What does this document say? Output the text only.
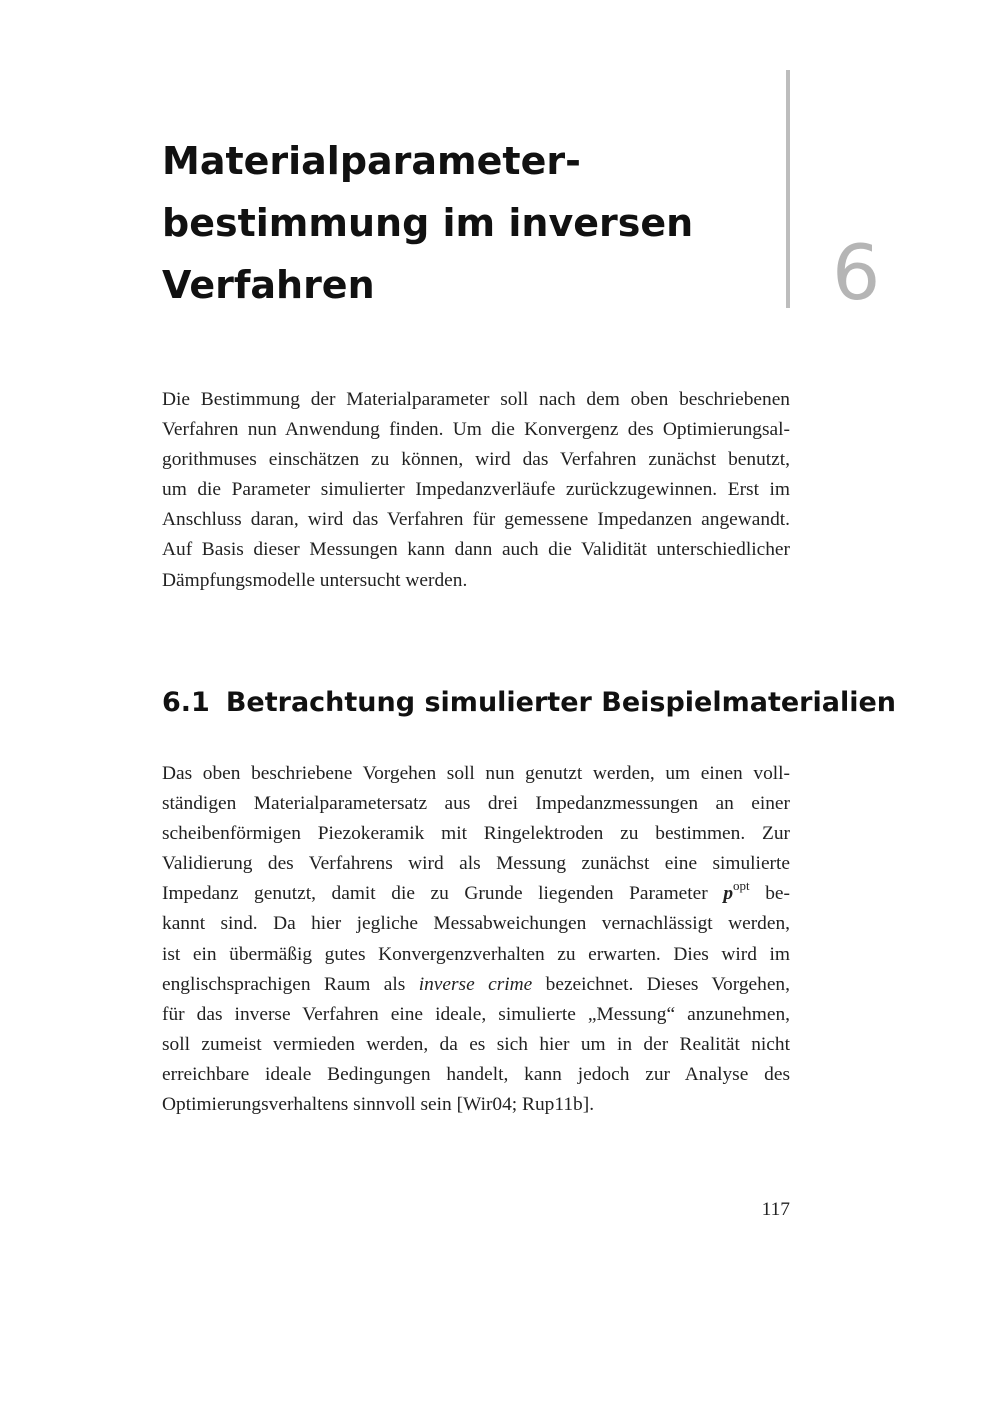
Materialparameter-
bestimmung im inversen
Verfahren	6
Die Bestimmung der Materialparameter soll nach dem oben beschriebenen
Verfahren nun Anwendung finden. Um die Konvergenz des Optimierungsal-
gorithmuses einschätzen zu können, wird das Verfahren zunächst benutzt,
um die Parameter simulierter Impedanzverläufe zurückzugewinnen. Erst im
Anschluss daran, wird das Verfahren für gemessene Impedanzen angewandt.
Auf Basis dieser Messungen kann dann auch die Validität unterschiedlicher
Dämpfungsmodelle untersucht werden.
6.1 Betrachtung simulierter Beispielmaterialien
Das oben beschriebene Vorgehen soll nun genutzt werden, um einen voll-
ständigen Materialparametersatz aus drei Impedanzmessungen an einer
scheibenförmigen Piezokeramik mit Ringelektroden zu bestimmen. Zur
Validierung des Verfahrens wird als Messung zunächst eine simulierte
Impedanz genutzt, damit die zu Grunde liegenden Parameter $p^{opt}$ be-
kannt sind. Da hier jegliche Messabweichungen vernachlässigt werden,
ist ein übermäßig gutes Konvergenzverhalten zu erwarten. Dies wird im
englischsprachigen Raum als inverse crime bezeichnet. Dieses Vorgehen,
für das inverse Verfahren eine ideale, simulierte „Messung“ anzunehmen,
soll zumeist vermieden werden, da es sich hier um in der Realität nicht
erreichbare ideale Bedingungen handelt, kann jedoch zur Analyse des
Optimierungsverhaltens sinnvoll sein [Wir04; Rup11b].
117
